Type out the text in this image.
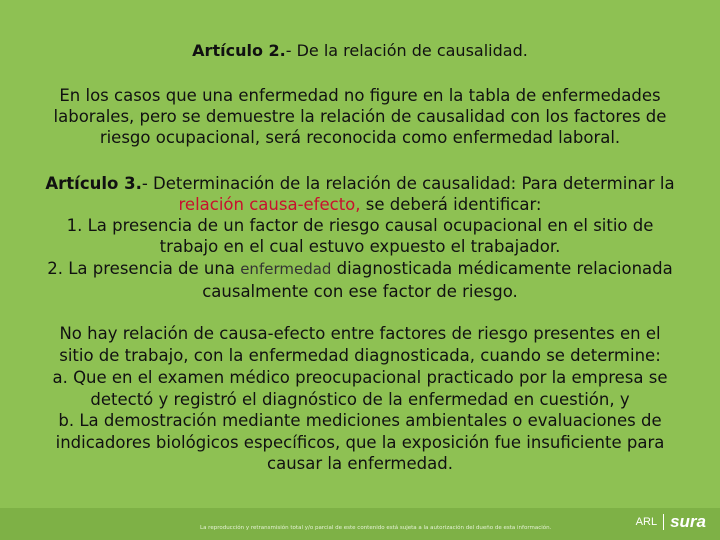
Artículo 2.- De la relación de causalidad.
En los casos que una enfermedad no figure en la tabla de enfermedades
laborales, pero se demuestre la relación de causalidad con los factores de
riesgo ocupacional, será reconocida como enfermedad laboral.
Artículo 3.- Determinación de la relación de causalidad: Para determinar la
relación causa-efecto, se deberá identificar:
1. La presencia de un factor de riesgo causal ocupacional en el sitio de
trabajo en el cual estuvo expuesto el trabajador.
2. La presencia de una enfermedad diagnosticada médicamente relacionada
causalmente con ese factor de riesgo.
No hay relación de causa-efecto entre factores de riesgo presentes en el
sitio de trabajo, con la enfermedad diagnosticada, cuando se determine:
a. Que en el examen médico preocupacional practicado por la empresa se
detectó y registró el diagnóstico de la enfermedad en cuestión, y
b. La demostración mediante mediciones ambientales o evaluaciones de
indicadores biológicos específicos, que la exposición fue insuficiente para
causar la enfermedad.
La reproducción y retransmisión total y/o parcial de este contenido está sujeta a la autorización del dueño de esta información.	ARL sura
